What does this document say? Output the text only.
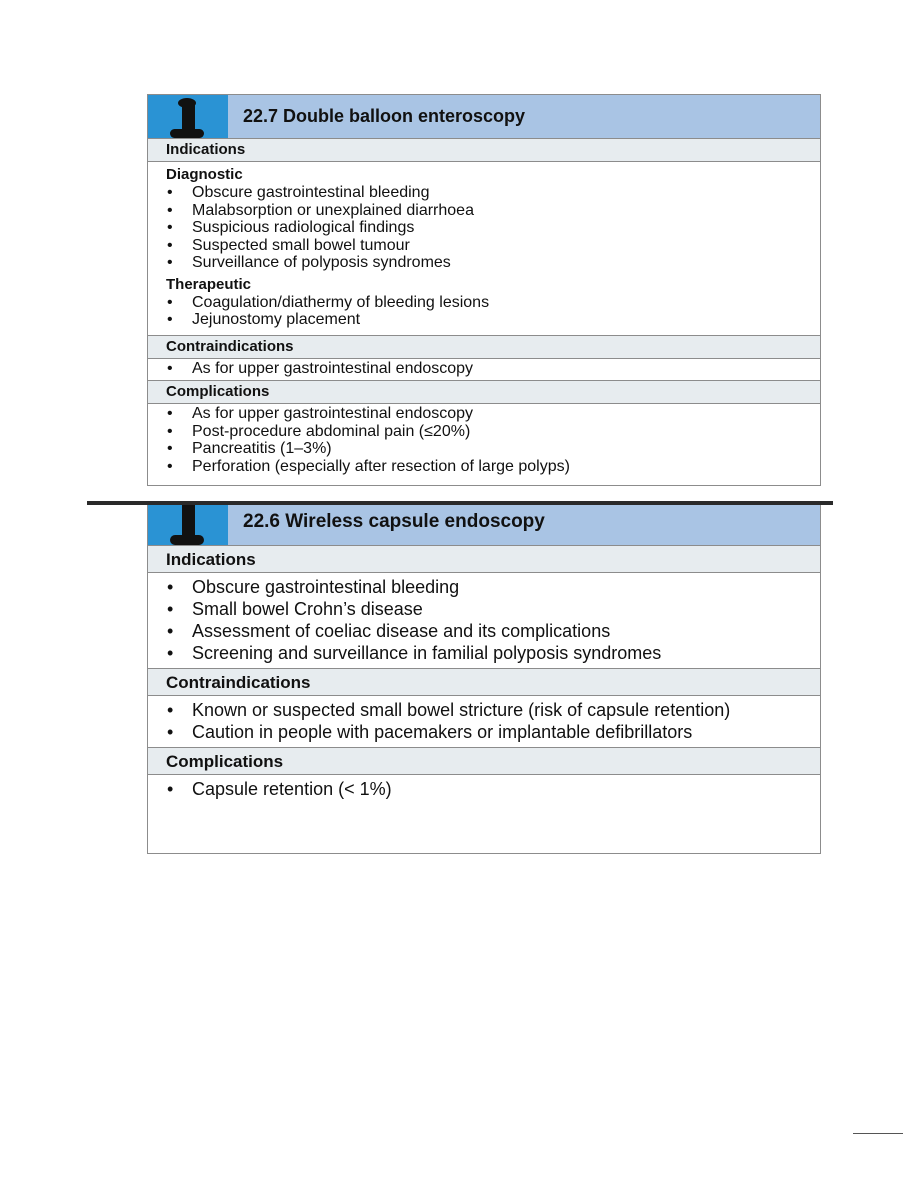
22.7 Double balloon enteroscopy
Indications
Diagnostic
• Obscure gastrointestinal bleeding
• Malabsorption or unexplained diarrhoea
• Suspicious radiological findings
• Suspected small bowel tumour
• Surveillance of polyposis syndromes
Therapeutic
• Coagulation/diathermy of bleeding lesions
• Jejunostomy placement
Contraindications
• As for upper gastrointestinal endoscopy
Complications
• As for upper gastrointestinal endoscopy
• Post-procedure abdominal pain (≤20%)
• Pancreatitis (1–3%)
• Perforation (especially after resection of large polyps)
22.6 Wireless capsule endoscopy
Indications
• Obscure gastrointestinal bleeding
• Small bowel Crohn’s disease
• Assessment of coeliac disease and its complications
• Screening and surveillance in familial polyposis syndromes
Contraindications
• Known or suspected small bowel stricture (risk of capsule retention)
• Caution in people with pacemakers or implantable defibrillators
Complications
• Capsule retention (< 1%)
